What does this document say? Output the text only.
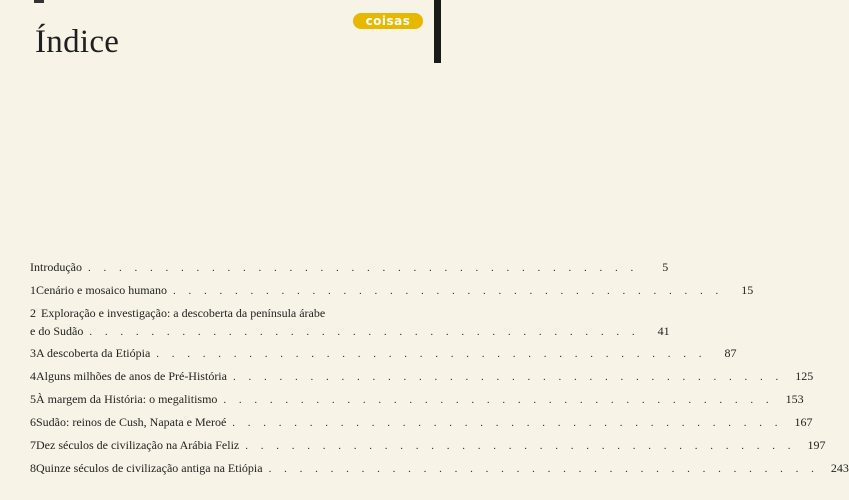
Índice
coisas
Introdução . . . . . . . . . . . . . . . . . . . . . . . . . . . . . . . . . . . .	5
1 Cenário e mosaico humano . . . . . . . . . . . . . . . . . . . . . . . . . . . . . . . . . . . .	15
2 Exploração e investigação: a descoberta da península árabe
e do Sudão . . . . . . . . . . . . . . . . . . . . . . . . . . . . . . . . . . . .	41
3 A descoberta da Etiópia . . . . . . . . . . . . . . . . . . . . . . . . . . . . . . . . . . . .	87
4 Alguns milhões de anos de Pré-História . . . . . . . . . . . . . . . . . . . . . . . . . . . . . . . . . . . .	125
5 À margem da História: o megalitismo . . . . . . . . . . . . . . . . . . . . . . . . . . . . . . . . . . . .	153
6 Sudão: reinos de Cush, Napata e Meroé . . . . . . . . . . . . . . . . . . . . . . . . . . . . . . . . . . . .	167
7 Dez séculos de civilização na Arábia Feliz . . . . . . . . . . . . . . . . . . . . . . . . . . . . . . . . . . . .	197
8 Quinze séculos de civilização antiga na Etiópia . . . . . . . . . . . . . . . . . . . . . . . . . . . . . . . . . . . .	243
